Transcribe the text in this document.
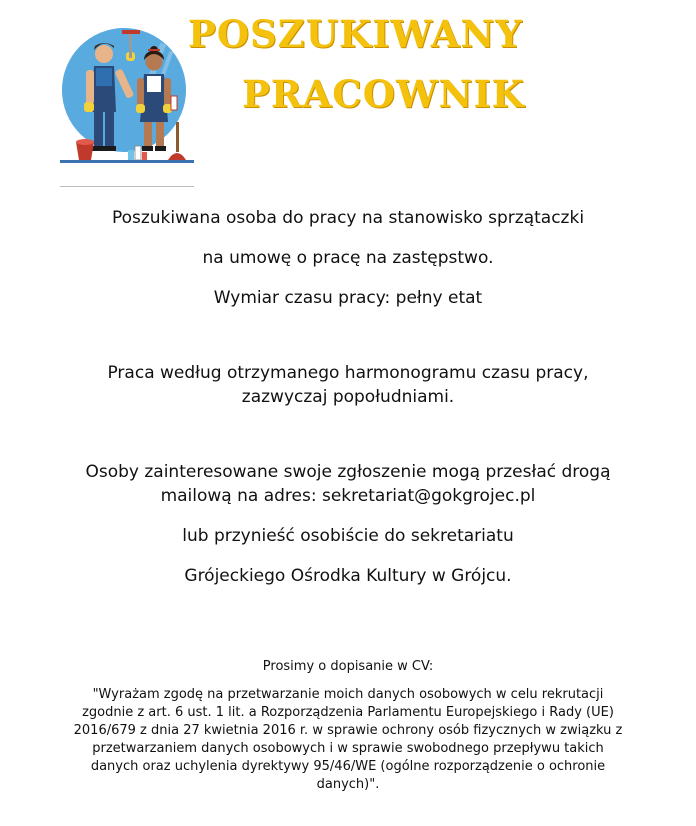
POSZUKIWANY
PRACOWNIK

Poszukiwana osoba do pracy na stanowisko sprzątaczki

na umowę o pracę na zastępstwo.

Wymiar czasu pracy: pełny etat

Praca według otrzymanego harmonogramu czasu pracy,

zazwyczaj popołudniami.

Osoby zainteresowane swoje zgłoszenie mogą przesłać drogą

mailową na adres: sekretariat@gokgrojec.pl

lub przynieść osobiście do sekretariatu

Grójeckiego Ośrodka Kultury w Grójcu.

Prosimy o dopisanie w CV:

"Wyrażam zgodę na przetwarzanie moich danych osobowych w celu rekrutacji zgodnie z art. 6 ust. 1 lit. a Rozporządzenia Parlamentu Europejskiego i Rady (UE) 2016/679 z dnia 27 kwietnia 2016 r. w sprawie ochrony osób fizycznych w związku z przetwarzaniem danych osobowych i w sprawie swobodnego przepływu takich danych oraz uchylenia dyrektywy 95/46/WE (ogólne rozporządzenie o ochronie danych)".
